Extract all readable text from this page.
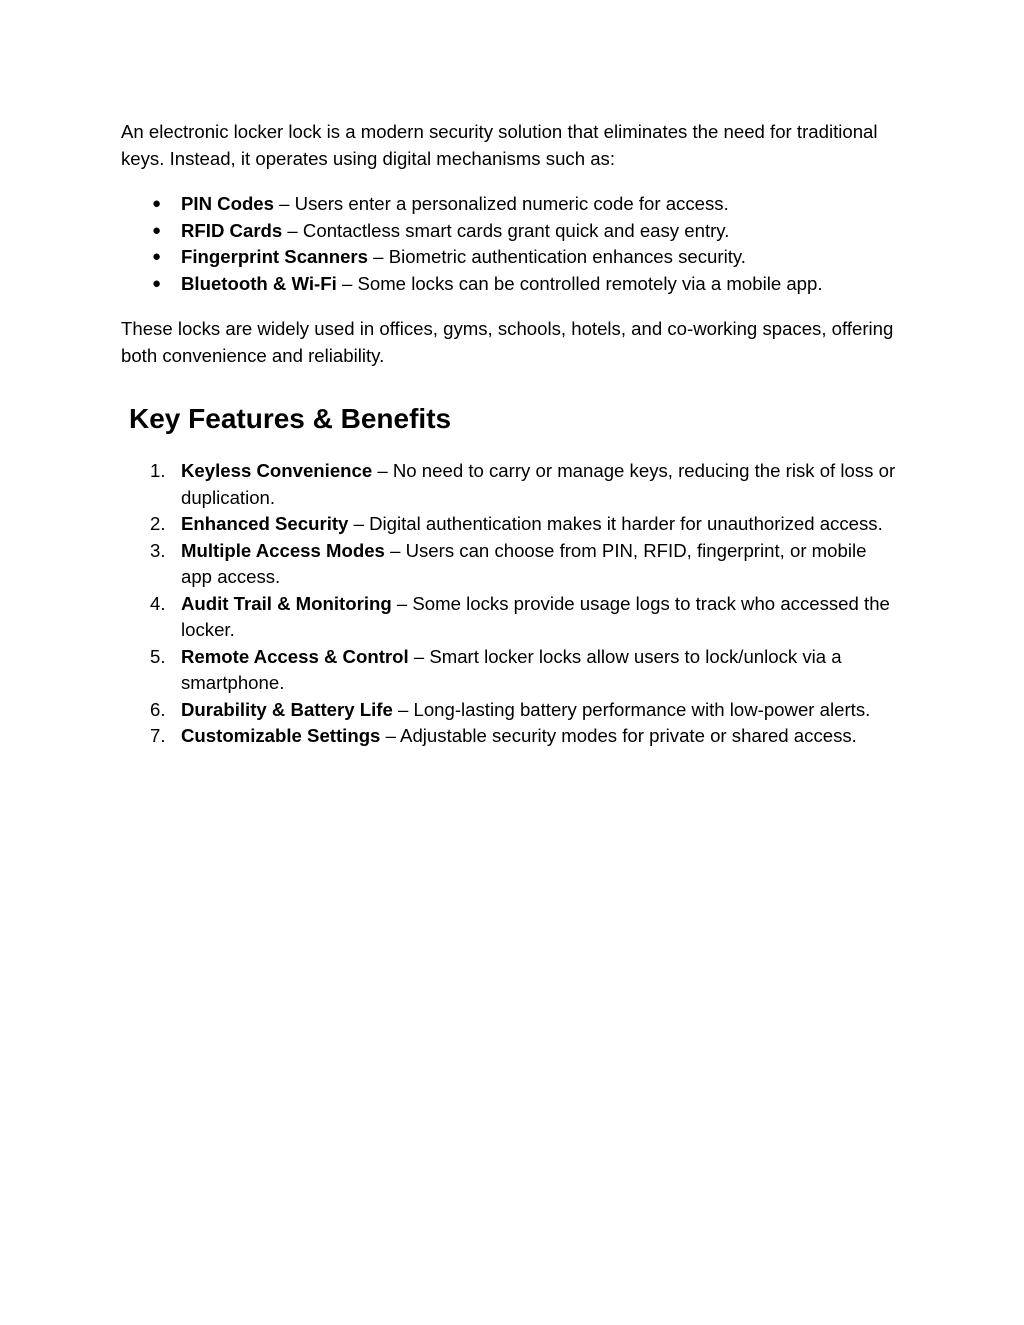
An electronic locker lock is a modern security solution that eliminates the need for traditional keys. Instead, it operates using digital mechanisms such as:

● PIN Codes – Users enter a personalized numeric code for access.
● RFID Cards – Contactless smart cards grant quick and easy entry.
● Fingerprint Scanners – Biometric authentication enhances security.
● Bluetooth & Wi-Fi – Some locks can be controlled remotely via a mobile app.

These locks are widely used in offices, gyms, schools, hotels, and co-working spaces, offering both convenience and reliability.

Key Features & Benefits
1. Keyless Convenience – No need to carry or manage keys, reducing the risk of loss or duplication.
2. Enhanced Security – Digital authentication makes it harder for unauthorized access.
3. Multiple Access Modes – Users can choose from PIN, RFID, fingerprint, or mobile app access.
4. Audit Trail & Monitoring – Some locks provide usage logs to track who accessed the locker.
5. Remote Access & Control – Smart locker locks allow users to lock/unlock via a smartphone.
6. Durability & Battery Life – Long-lasting battery performance with low-power alerts.
7. Customizable Settings – Adjustable security modes for private or shared access.
